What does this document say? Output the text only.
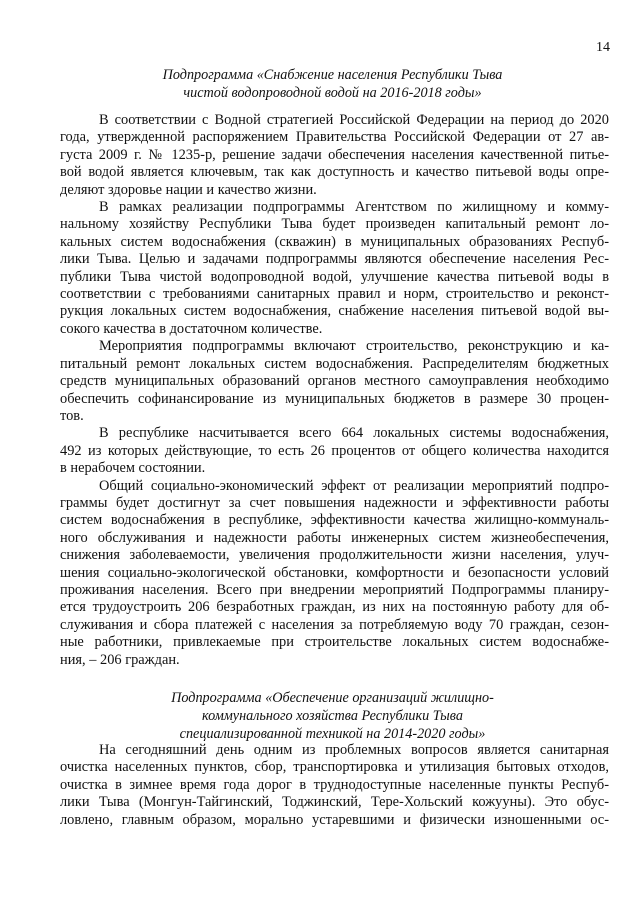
14
Подпрограмма «Снабжение населения Республики Тыва
чистой водопроводной водой на 2016-2018 годы»

В соответствии с Водной стратегией Российской Федерации на период до 2020
года, утвержденной распоряжением Правительства Российской Федерации от 27 ав-
густа 2009 г. № 1235-р, решение задачи обеспечения населения качественной питье-
вой водой является ключевым, так как доступность и качество питьевой воды опре-
деляют здоровье нации и качество жизни.

В рамках реализации подпрограммы Агентством по жилищному и комму-
нальному хозяйству Республики Тыва будет произведен капитальный ремонт ло-
кальных систем водоснабжения (скважин) в муниципальных образованиях Респуб-
лики Тыва. Целью и задачами подпрограммы являются обеспечение населения Рес-
публики Тыва чистой водопроводной водой, улучшение качества питьевой воды в
соответствии с требованиями санитарных правил и норм, строительство и реконст-
рукция локальных систем водоснабжения, снабжение населения питьевой водой вы-
сокого качества в достаточном количестве.

Мероприятия подпрограммы включают строительство, реконструкцию и ка-
питальный ремонт локальных систем водоснабжения. Распределителям бюджетных
средств муниципальных образований органов местного самоуправления необходимо
обеспечить софинансирование из муниципальных бюджетов в размере 30 процен-
тов.

В республике насчитывается всего 664 локальных системы водоснабжения,
492 из которых действующие, то есть 26 процентов от общего количества находится
в нерабочем состоянии.

Общий социально-экономический эффект от реализации мероприятий подпро-
граммы будет достигнут за счет повышения надежности и эффективности работы
систем водоснабжения в республике, эффективности качества жилищно-коммуналь-
ного обслуживания и надежности работы инженерных систем жизнеобеспечения,
снижения заболеваемости, увеличения продолжительности жизни населения, улуч-
шения социально-экологической обстановки, комфортности и безопасности условий
проживания населения. Всего при внедрении мероприятий Подпрограммы планиру-
ется трудоустроить 206 безработных граждан, из них на постоянную работу для об-
служивания и сбора платежей с населения за потребляемую воду 70 граждан, сезон-
ные работники, привлекаемые при строительстве локальных систем водоснабже-
ния, – 206 граждан.

Подпрограмма «Обеспечение организаций жилищно-
коммунального хозяйства Республики Тыва
специализированной техникой на 2014-2020 годы»

На сегодняшний день одним из проблемных вопросов является санитарная
очистка населенных пунктов, сбор, транспортировка и утилизация бытовых отходов,
очистка в зимнее время года дорог в труднодоступные населенные пункты Респуб-
лики Тыва (Монгун-Тайгинский, Тоджинский, Тере-Хольский кожууны). Это обус-
ловлено, главным образом, морально устаревшими и физически изношенными ос-
